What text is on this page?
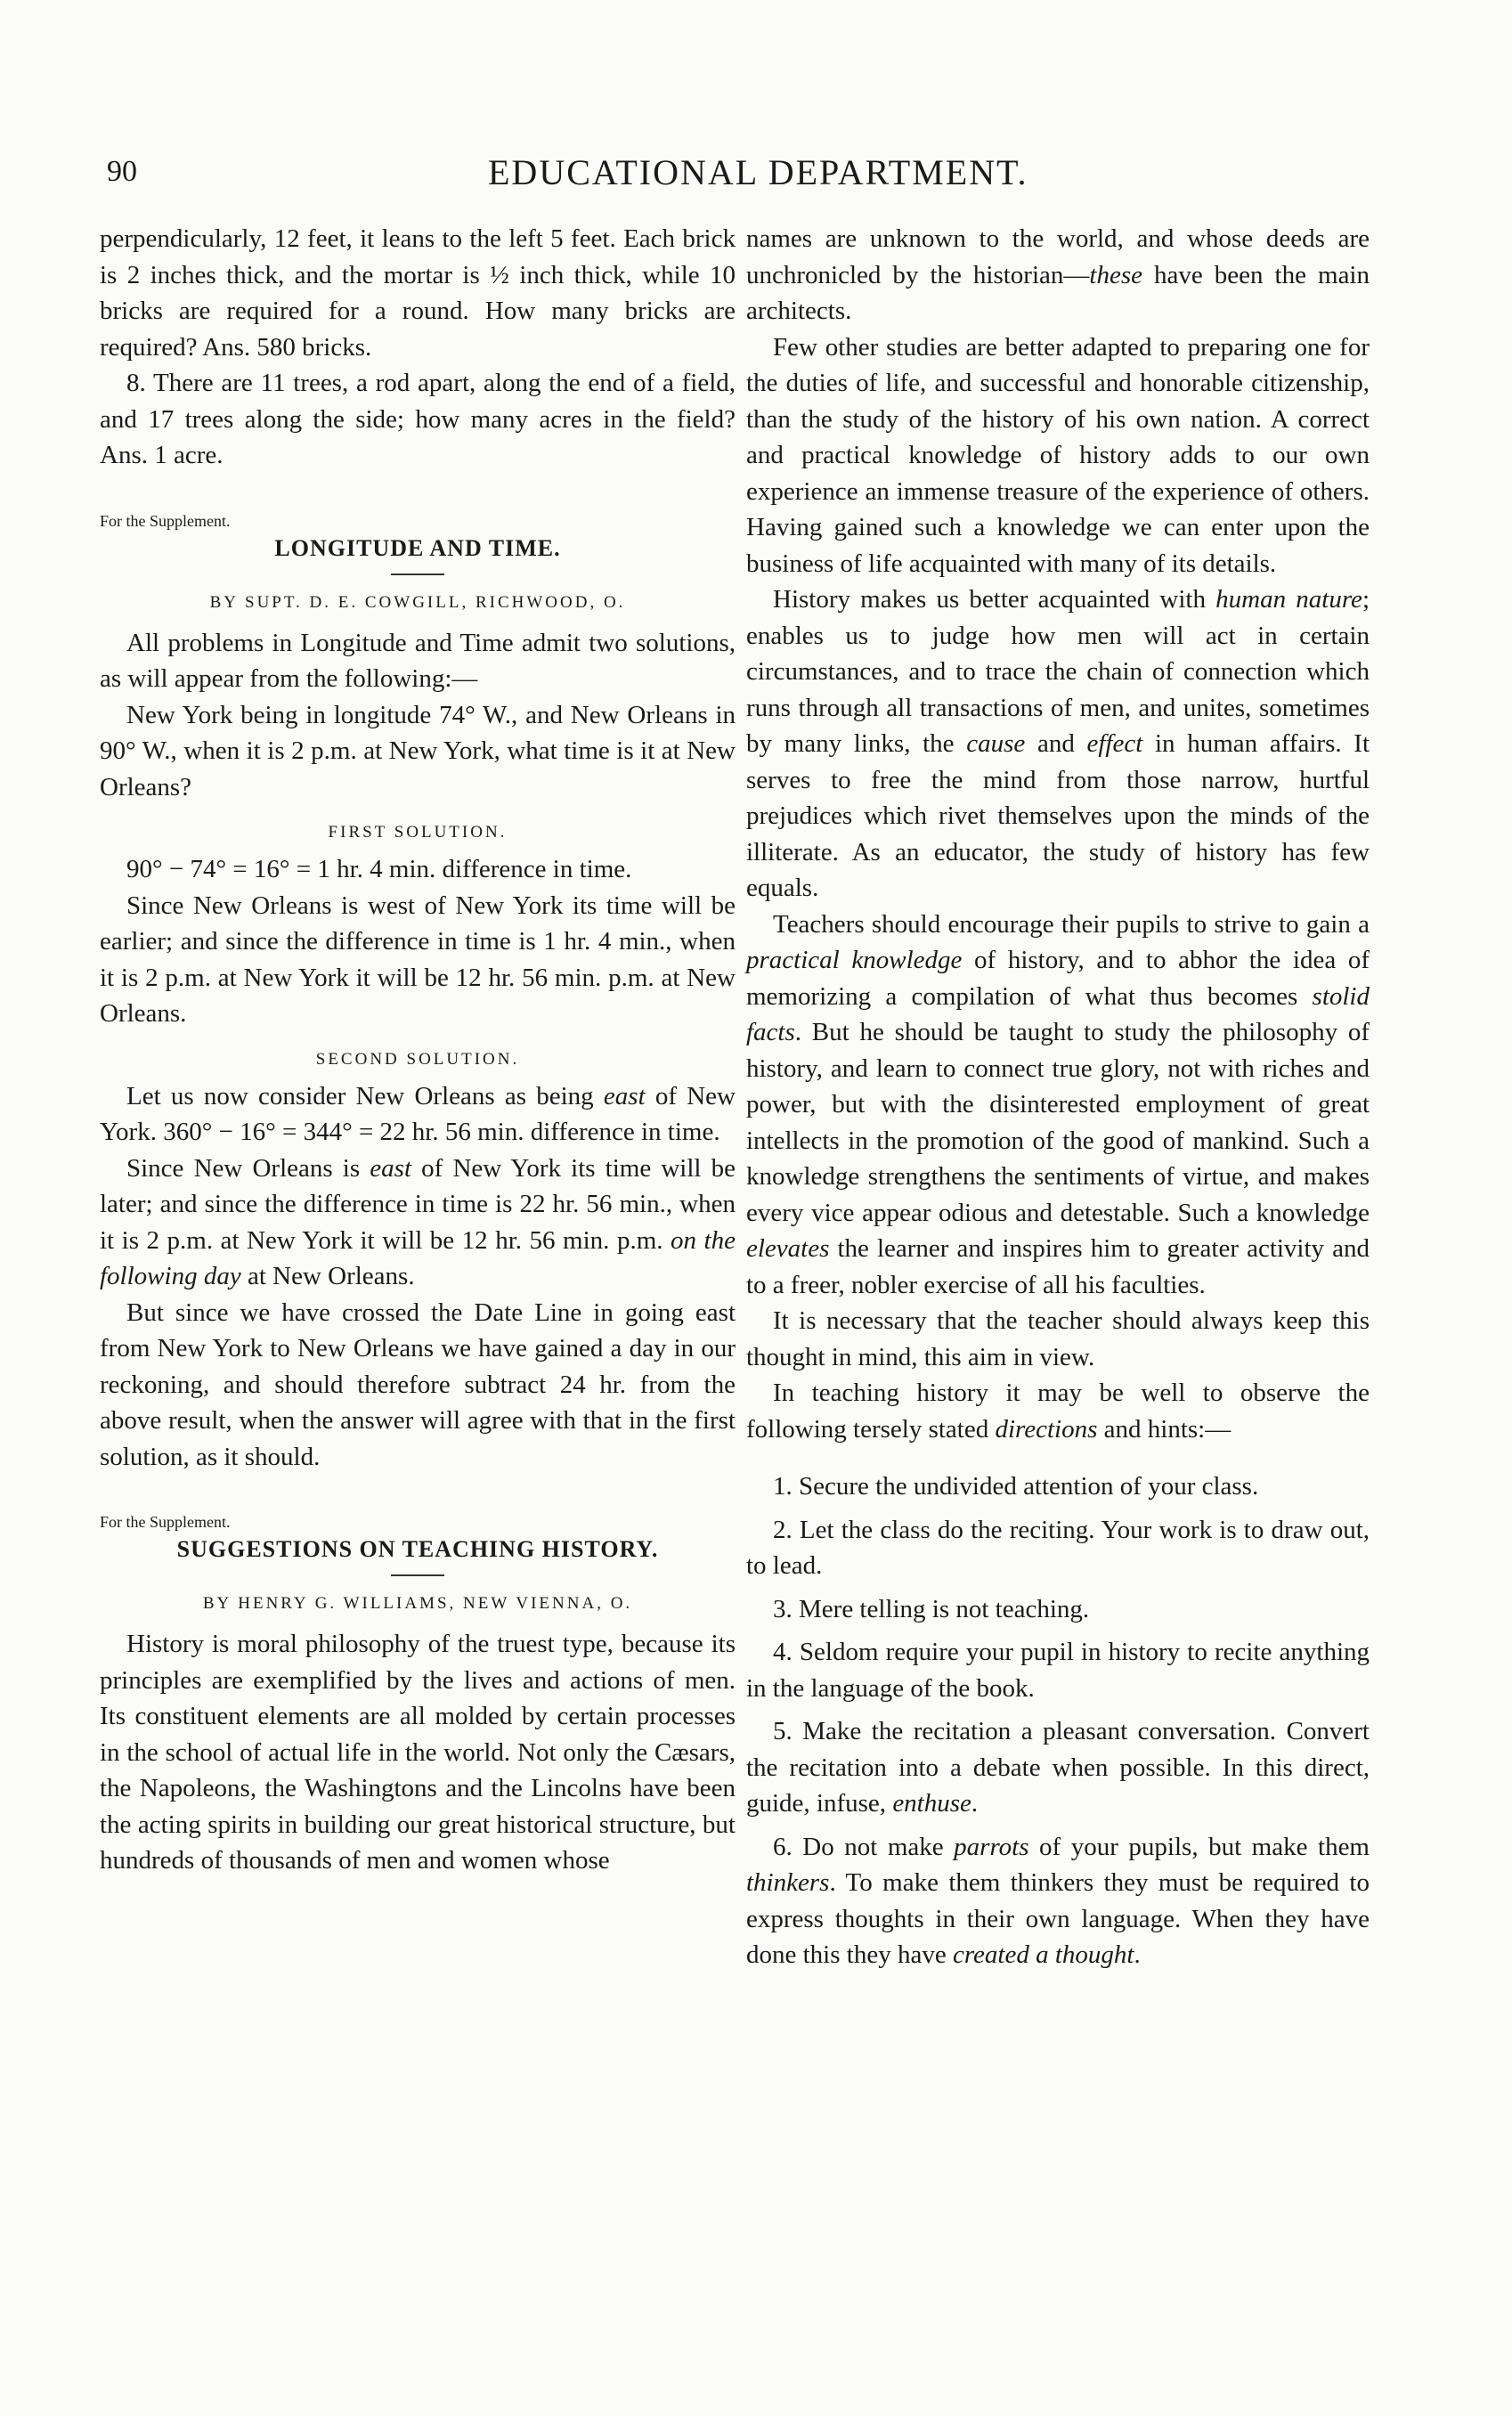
90	EDUCATIONAL DEPARTMENT.

perpendicularly, 12 feet, it leans to the left 5 feet. Each brick is 2 inches thick, and the mortar is ½ inch thick, while 10 bricks are required for a round. How many bricks are required? Ans. 580 bricks.

8. There are 11 trees, a rod apart, along the end of a field, and 17 trees along the side; how many acres in the field? Ans. 1 acre.

For the Supplement.

LONGITUDE AND TIME.

BY SUPT. D. E. COWGILL, RICHWOOD, O.

All problems in Longitude and Time admit two solutions, as will appear from the following:—

New York being in longitude 74° W., and New Orleans in 90° W., when it is 2 p.m. at New York, what time is it at New Orleans?

FIRST SOLUTION.

90° − 74° = 16° = 1 hr. 4 min. difference in time.

Since New Orleans is west of New York its time will be earlier; and since the difference in time is 1 hr. 4 min., when it is 2 p.m. at New York it will be 12 hr. 56 min. p.m. at New Orleans.

SECOND SOLUTION.

Let us now consider New Orleans as being east of New York. 360° − 16° = 344° = 22 hr. 56 min. difference in time.

Since New Orleans is east of New York its time will be later; and since the difference in time is 22 hr. 56 min., when it is 2 p.m. at New York it will be 12 hr. 56 min. p.m. on the following day at New Orleans.

But since we have crossed the Date Line in going east from New York to New Orleans we have gained a day in our reckoning, and should therefore subtract 24 hr. from the above result, when the answer will agree with that in the first solution, as it should.

For the Supplement.

SUGGESTIONS ON TEACHING HISTORY.

BY HENRY G. WILLIAMS, NEW VIENNA, O.

History is moral philosophy of the truest type, because its principles are exemplified by the lives and actions of men. Its constituent elements are all molded by certain processes in the school of actual life in the world. Not only the Cæsars, the Napoleons, the Washingtons and the Lincolns have been the acting spirits in building our great historical structure, but hundreds of thousands of men and women whose

names are unknown to the world, and whose deeds are unchronicled by the historian—these have been the main architects.

Few other studies are better adapted to preparing one for the duties of life, and successful and honorable citizenship, than the study of the history of his own nation. A correct and practical knowledge of history adds to our own experience an immense treasure of the experience of others. Having gained such a knowledge we can enter upon the business of life acquainted with many of its details.

History makes us better acquainted with human nature; enables us to judge how men will act in certain circumstances, and to trace the chain of connection which runs through all transactions of men, and unites, sometimes by many links, the cause and effect in human affairs. It serves to free the mind from those narrow, hurtful prejudices which rivet themselves upon the minds of the illiterate. As an educator, the study of history has few equals.

Teachers should encourage their pupils to strive to gain a practical knowledge of history, and to abhor the idea of memorizing a compilation of what thus becomes stolid facts. But he should be taught to study the philosophy of history, and learn to connect true glory, not with riches and power, but with the disinterested employment of great intellects in the promotion of the good of mankind. Such a knowledge strengthens the sentiments of virtue, and makes every vice appear odious and detestable. Such a knowledge elevates the learner and inspires him to greater activity and to a freer, nobler exercise of all his faculties.

It is necessary that the teacher should always keep this thought in mind, this aim in view.

In teaching history it may be well to observe the following tersely stated directions and hints:—

1. Secure the undivided attention of your class.

2. Let the class do the reciting. Your work is to draw out, to lead.

3. Mere telling is not teaching.

4. Seldom require your pupil in history to recite anything in the language of the book.

5. Make the recitation a pleasant conversation. Convert the recitation into a debate when possible. In this direct, guide, infuse, enthuse.

6. Do not make parrots of your pupils, but make them thinkers. To make them thinkers they must be required to express thoughts in their own language. When they have done this they have created a thought.
